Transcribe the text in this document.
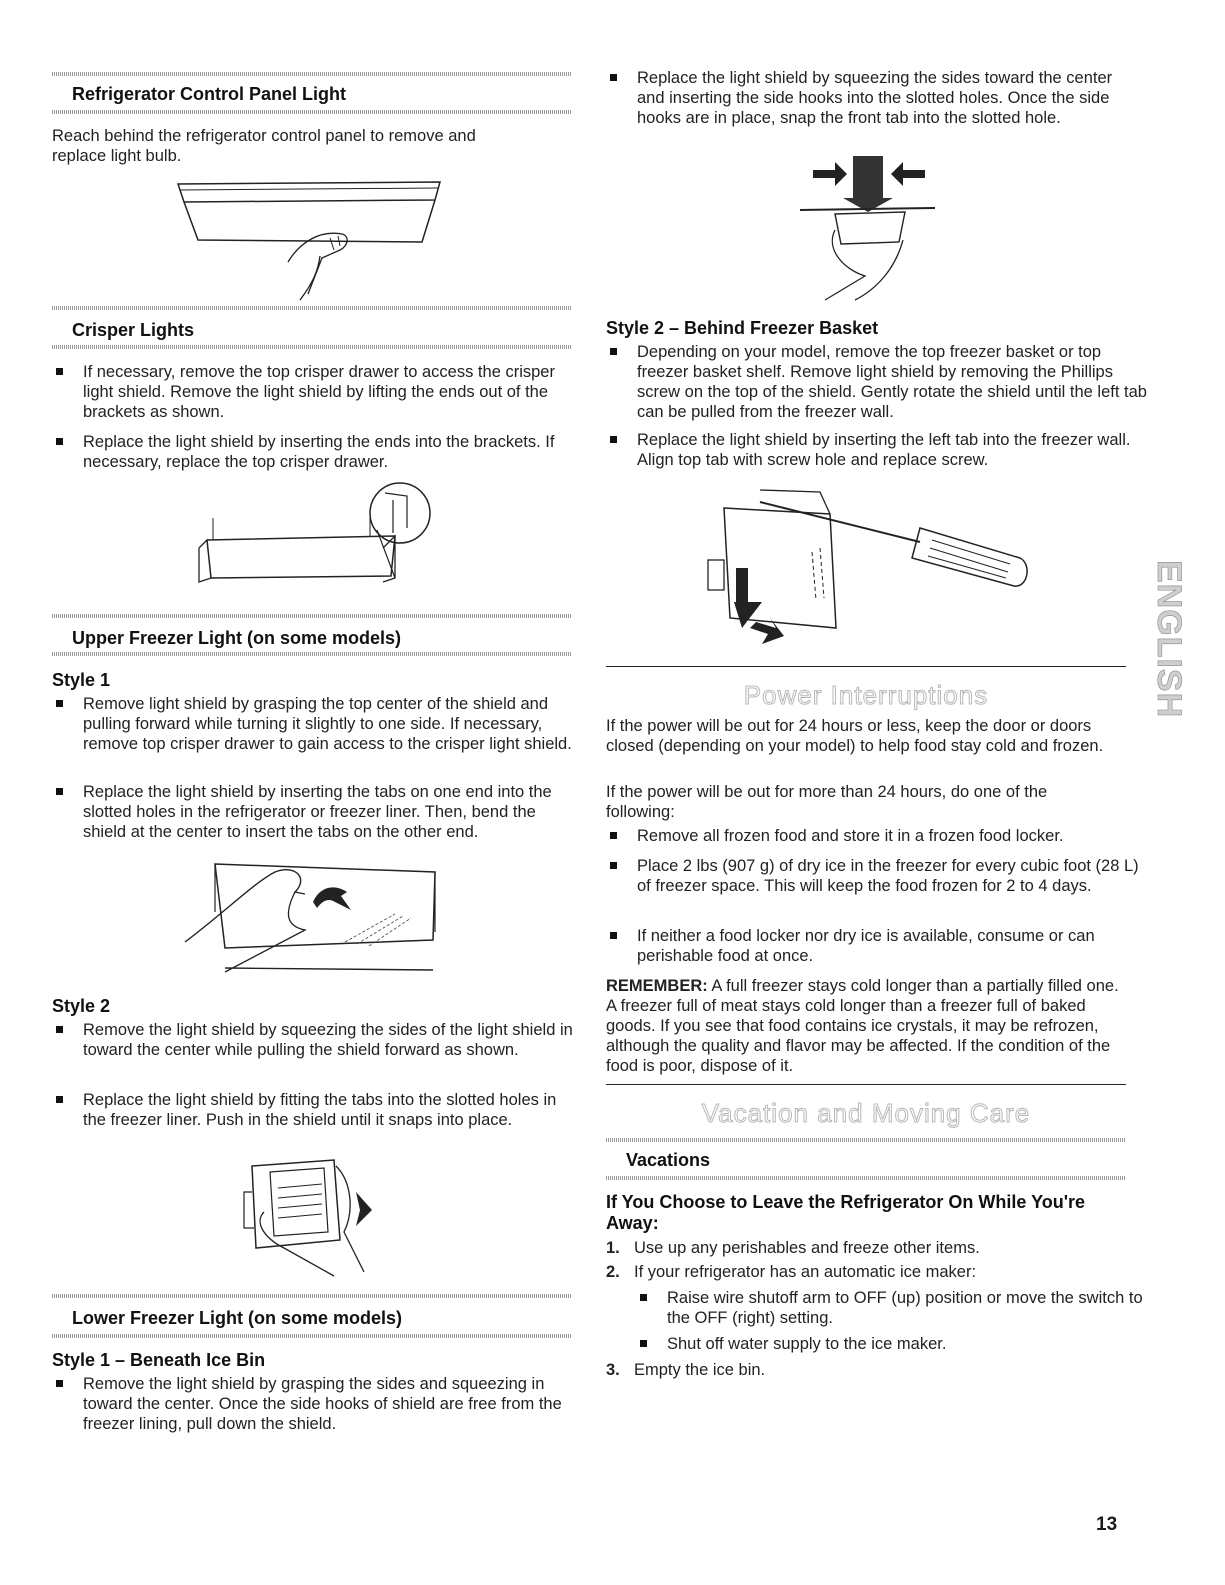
Refrigerator Control Panel Light

Reach behind the refrigerator control panel to remove and replace light bulb.

Crisper Lights
If necessary, remove the top crisper drawer to access the crisper light shield. Remove the light shield by lifting the ends out of the brackets as shown.
Replace the light shield by inserting the ends into the brackets. If necessary, replace the top crisper drawer.
Upper Freezer Light (on some models)
Style 1
Remove light shield by grasping the top center of the shield and pulling forward while turning it slightly to one side. If necessary, remove top crisper drawer to gain access to the crisper light shield.
Replace the light shield by inserting the tabs on one end into the slotted holes in the refrigerator or freezer liner. Then, bend the shield at the center to insert the tabs on the other end.
Style 2
Remove the light shield by squeezing the sides of the light shield in toward the center while pulling the shield forward as shown.
Replace the light shield by fitting the tabs into the slotted holes in the freezer liner. Push in the shield until it snaps into place.
Lower Freezer Light (on some models)
Style 1 – Beneath Ice Bin
Remove the light shield by grasping the sides and squeezing in toward the center. Once the side hooks of shield are free from the freezer lining, pull down the shield.
Replace the light shield by squeezing the sides toward the center and inserting the side hooks into the slotted holes. Once the side hooks are in place, snap the front tab into the slotted hole.
Style 2 – Behind Freezer Basket
Depending on your model, remove the top freezer basket or top freezer basket shelf. Remove light shield by removing the Phillips screw on the top of the shield. Gently rotate the shield until the left tab can be pulled from the freezer wall.
Replace the light shield by inserting the left tab into the freezer wall. Align top tab with screw hole and replace screw.
Power Interruptions

If the power will be out for 24 hours or less, keep the door or doors closed (depending on your model) to help food stay cold and frozen.

If the power will be out for more than 24 hours, do one of the following:

Remove all frozen food and store it in a frozen food locker.
Place 2 lbs (907 g) of dry ice in the freezer for every cubic foot (28 L) of freezer space. This will keep the food frozen for 2 to 4 days.
If neither a food locker nor dry ice is available, consume or can perishable food at once.

REMEMBER: A full freezer stays cold longer than a partially filled one. A freezer full of meat stays cold longer than a freezer full of baked goods. If you see that food contains ice crystals, it may be refrozen, although the quality and flavor may be affected. If the condition of the food is poor, dispose of it.

Vacation and Moving Care
Vacations
If You Choose to Leave the Refrigerator On While You're Away:
1. Use up any perishables and freeze other items.
2. If your refrigerator has an automatic ice maker:
Raise wire shutoff arm to OFF (up) position or move the switch to the OFF (right) setting.
Shut off water supply to the ice maker.
3. Empty the ice bin.
ENGLISH
13
